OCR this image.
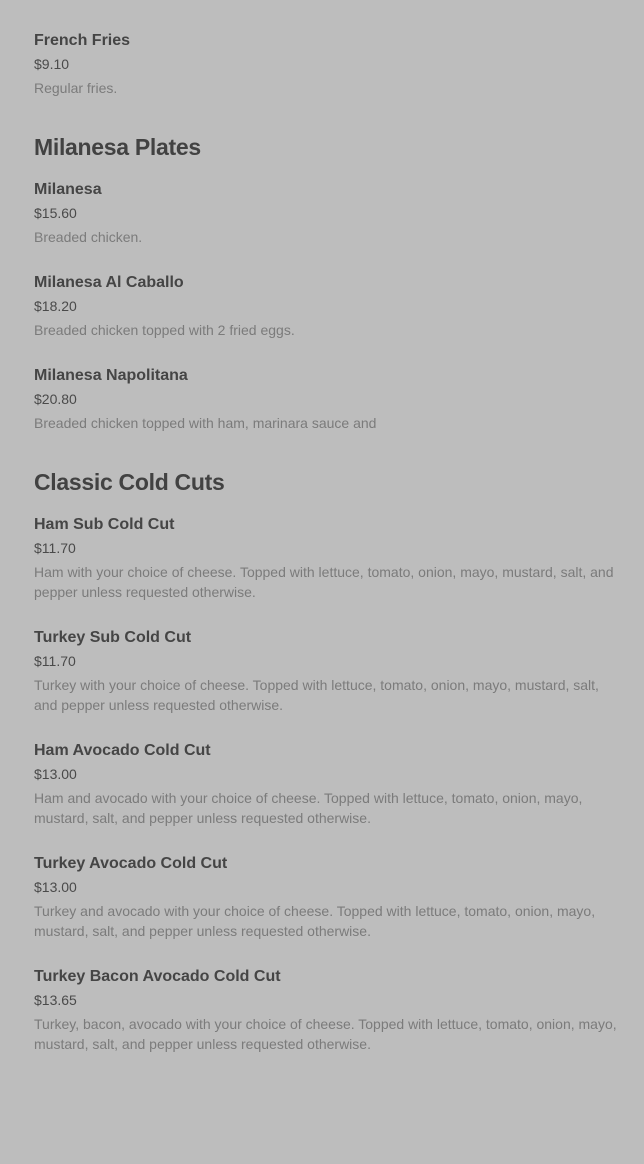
French Fries
$9.10
Regular fries.
Milanesa Plates
Milanesa
$15.60
Breaded chicken.
Milanesa Al Caballo
$18.20
Breaded chicken topped with 2 fried eggs.
Milanesa Napolitana
$20.80
Breaded chicken topped with ham, marinara sauce and
Classic Cold Cuts
Ham Sub Cold Cut
$11.70
Ham with your choice of cheese. Topped with lettuce, tomato, onion, mayo, mustard, salt, and pepper unless requested otherwise.
Turkey Sub Cold Cut
$11.70
Turkey with your choice of cheese. Topped with lettuce, tomato, onion, mayo, mustard, salt, and pepper unless requested otherwise.
Ham Avocado Cold Cut
$13.00
Ham and avocado with your choice of cheese. Topped with lettuce, tomato, onion, mayo, mustard, salt, and pepper unless requested otherwise.
Turkey Avocado Cold Cut
$13.00
Turkey and avocado with your choice of cheese. Topped with lettuce, tomato, onion, mayo, mustard, salt, and pepper unless requested otherwise.
Turkey Bacon Avocado Cold Cut
$13.65
Turkey, bacon, avocado with your choice of cheese. Topped with lettuce, tomato, onion, mayo, mustard, salt, and pepper unless requested otherwise.
